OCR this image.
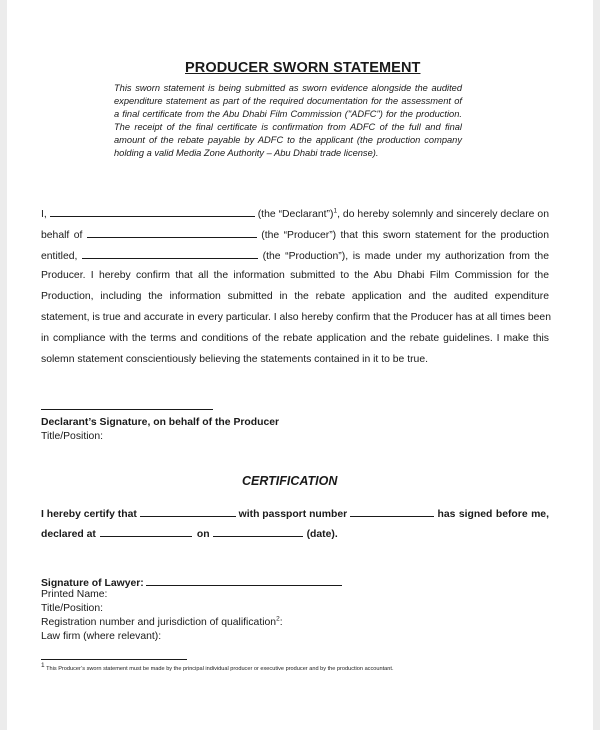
PRODUCER SWORN STATEMENT
This sworn statement is being submitted as sworn evidence alongside the audited expenditure statement as part of the required documentation for the assessment of a final certificate from the Abu Dhabi Film Commission ("ADFC") for the production. The receipt of the final certificate is confirmation from ADFC of the full and final amount of the rebate payable by ADFC to the applicant (the production company holding a valid Media Zone Authority – Abu Dhabi trade license).
I,	(the “Declarant”)$^1$, do hereby solemnly and sincerely declare on
behalf of	(the “Producer”) that this sworn statement for the production
entitled,	(the “Production”), is made under my authorization from the
Producer. I hereby confirm that all the information submitted to the Abu Dhabi Film Commission for the
Production, including the information submitted in the rebate application and the audited expenditure
statement, is true and accurate in every particular. I also hereby confirm that the Producer has at all times been
in compliance with the terms and conditions of the rebate application and the rebate guidelines. I make this
solemn statement conscientiously believing the statements contained in it to be true.
Declarant’s Signature, on behalf of the Producer
Title/Position:
CERTIFICATION
I hereby certify that	with passport number	has signed before me,
declared at	on	(date).
Signature of Lawyer:
Printed Name:
Title/Position:
Registration number and jurisdiction of qualification$^2$:
Law firm (where relevant):
$^1$ This Producer’s sworn statement must be made by the principal individual producer or executive producer and by the production accountant.
